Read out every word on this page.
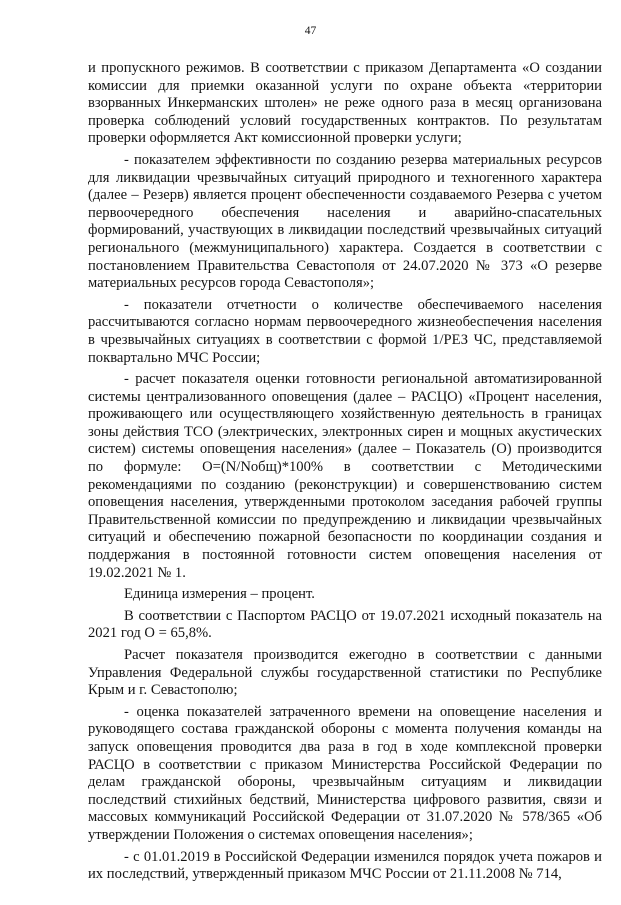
47

и пропускного режимов. В соответствии с приказом Департамента «О создании комиссии для приемки оказанной услуги по охране объекта «территории взорванных Инкерманских штолен» не реже одного раза в месяц организована проверка соблюдений условий государственных контрактов. По результатам проверки оформляется Акт комиссионной проверки услуги;

- показателем эффективности по созданию резерва материальных ресурсов для ликвидации чрезвычайных ситуаций природного и техногенного характера (далее – Резерв) является процент обеспеченности создаваемого Резерва с учетом первоочередного обеспечения населения и аварийно-спасательных формирований, участвующих в ликвидации последствий чрезвычайных ситуаций регионального (межмуниципального) характера. Создается в соответствии с постановлением Правительства Севастополя от 24.07.2020 № 373 «О резерве материальных ресурсов города Севастополя»;

- показатели отчетности о количестве обеспечиваемого населения рассчитываются согласно нормам первоочередного жизнеобеспечения населения в чрезвычайных ситуациях в соответствии с формой 1/РЕЗ ЧС, представляемой поквартально МЧС России;

- расчет показателя оценки готовности региональной автоматизированной системы централизованного оповещения (далее – РАСЦО) «Процент населения, проживающего или осуществляющего хозяйственную деятельность в границах зоны действия ТСО (электрических, электронных сирен и мощных акустических систем) системы оповещения населения» (далее – Показатель (О) производится по формуле: О=(N/Nобщ)*100% в соответствии с Методическими рекомендациями по созданию (реконструкции) и совершенствованию систем оповещения населения, утвержденными протоколом заседания рабочей группы Правительственной комиссии по предупреждению и ликвидации чрезвычайных ситуаций и обеспечению пожарной безопасности по координации создания и поддержания в постоянной готовности систем оповещения населения от 19.02.2021 № 1.

Единица измерения – процент.

В соответствии с Паспортом РАСЦО от 19.07.2021 исходный показатель на 2021 год О = 65,8%.

Расчет показателя производится ежегодно в соответствии с данными Управления Федеральной службы государственной статистики по Республике Крым и г. Севастополю;

- оценка показателей затраченного времени на оповещение населения и руководящего состава гражданской обороны с момента получения команды на запуск оповещения проводится два раза в год в ходе комплексной проверки РАСЦО в соответствии с приказом Министерства Российской Федерации по делам гражданской обороны, чрезвычайным ситуациям и ликвидации последствий стихийных бедствий, Министерства цифрового развития, связи и массовых коммуникаций Российской Федерации от 31.07.2020 № 578/365 «Об утверждении Положения о системах оповещения населения»;

- с 01.01.2019 в Российской Федерации изменился порядок учета пожаров и их последствий, утвержденный приказом МЧС России от 21.11.2008 № 714,
